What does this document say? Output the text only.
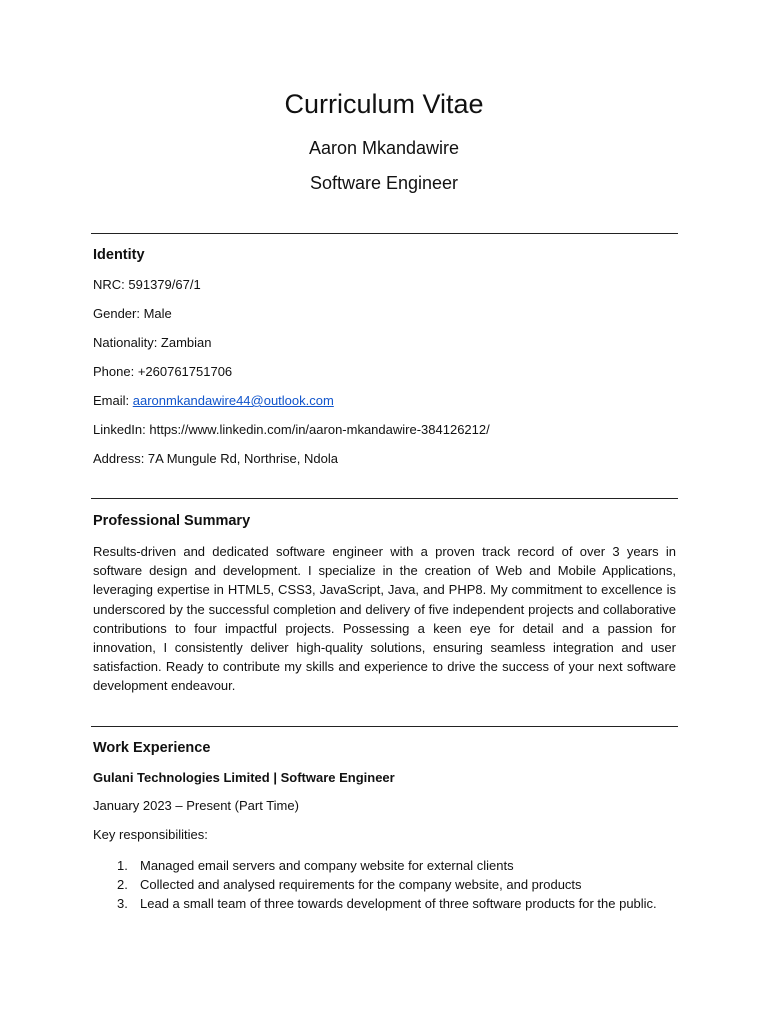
Curriculum Vitae
Aaron Mkandawire
Software Engineer
Identity
NRC: 591379/67/1
Gender: Male
Nationality: Zambian
Phone: +260761751706
Email: aaronmkandawire44@outlook.com
LinkedIn: https://www.linkedin.com/in/aaron-mkandawire-384126212/
Address: 7A Mungule Rd, Northrise, Ndola
Professional Summary
Results-driven and dedicated software engineer with a proven track record of over 3 years in software design and development. I specialize in the creation of Web and Mobile Applications, leveraging expertise in HTML5, CSS3, JavaScript, Java, and PHP8. My commitment to excellence is underscored by the successful completion and delivery of five independent projects and collaborative contributions to four impactful projects. Possessing a keen eye for detail and a passion for innovation, I consistently deliver high-quality solutions, ensuring seamless integration and user satisfaction. Ready to contribute my skills and experience to drive the success of your next software development endeavour.
Work Experience
Gulani Technologies Limited | Software Engineer
January 2023 – Present (Part Time)
Key responsibilities:
1. Managed email servers and company website for external clients
2. Collected and analysed requirements for the company website, and products
3. Lead a small team of three towards development of three software products for the public.
